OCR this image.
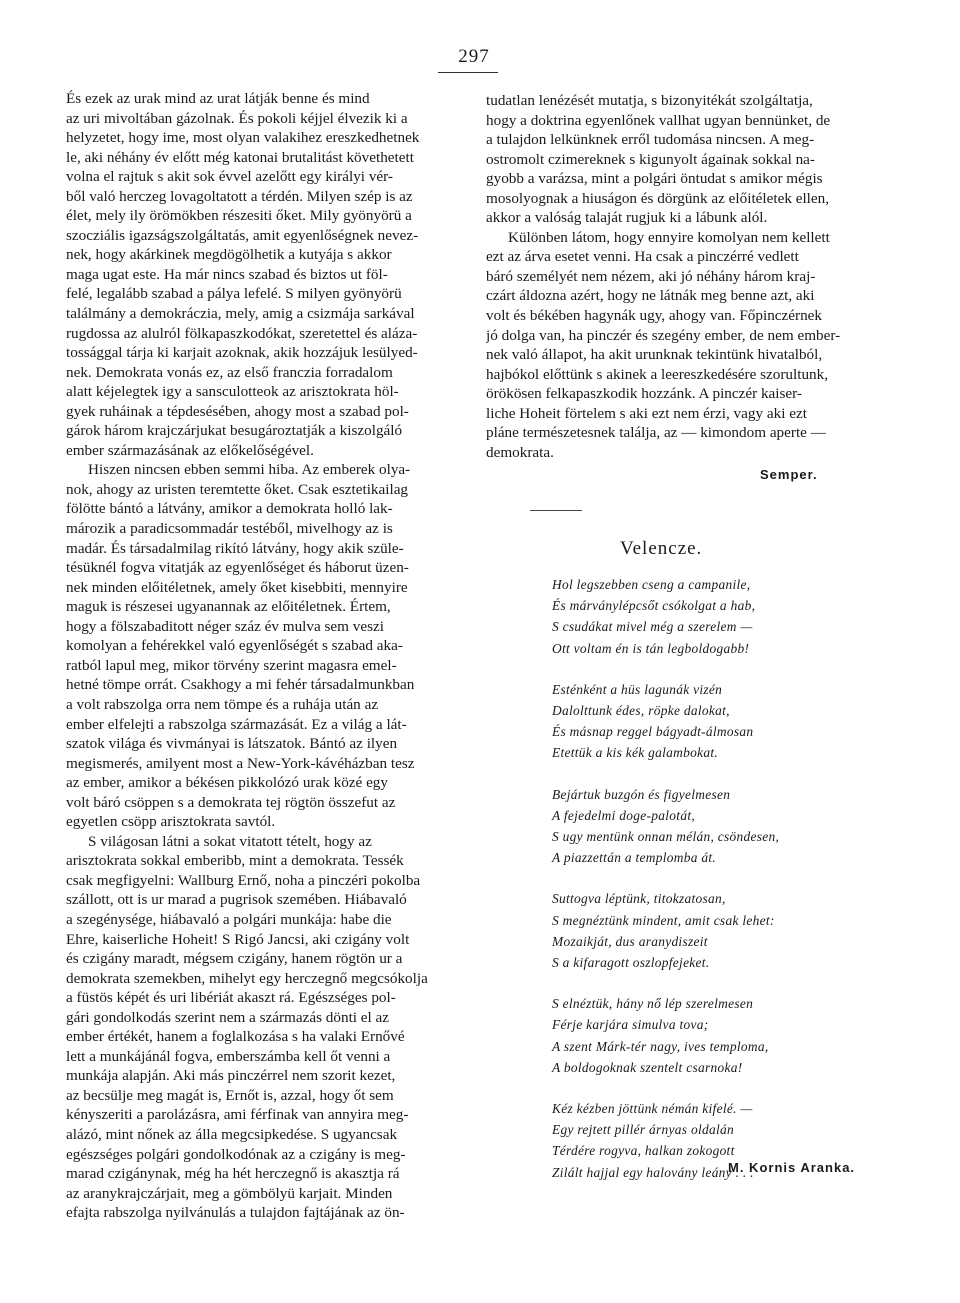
297
És ezek az urak mind az urat látják benne és mind
az uri mivoltában gázolnak. És pokoli kéjjel élvezik ki a
helyzetet, hogy ime, most olyan valakihez ereszkedhetnek
le, aki néhány év előtt még katonai brutalitást követhetett
volna el rajtuk s akit sok évvel azelőtt egy királyi vér-
ből való herczeg lovagoltatott a térdén. Milyen szép is az
élet, mely ily örömökben részesiti őket. Mily gyönyörü a
szocziális igazságszolgáltatás, amit egyenlőségnek nevez-
nek, hogy akárkinek megdögölhetik a kutyája s akkor
maga ugat este. Ha már nincs szabad és biztos ut föl-
felé, legalább szabad a pálya lefelé. S milyen gyönyörü
találmány a demokráczia, mely, amig a csizmája sarkával
rugdossa az alulról fölkapaszkodókat, szeretettel és aláza-
tossággal tárja ki karjait azoknak, akik hozzájuk lesülyed-
nek. Demokrata vonás ez, az első franczia forradalom
alatt kéjelegtek igy a sansculotteok az arisztokrata höl-
gyek ruháinak a tépdesésében, ahogy most a szabad pol-
gárok három krajczárjukat besugároztatják a kiszolgáló
ember származásának az előkelőségével.
Hiszen nincsen ebben semmi hiba. Az emberek olya-
nok, ahogy az uristen teremtette őket. Csak esztetikailag
fölötte bántó a látvány, amikor a demokrata holló lak-
mározik a paradicsommadár testéből, mivelhogy az is
madár. És társadalmilag rikító látvány, hogy akik szüle-
tésüknél fogva vitatják az egyenlőséget és háborut üzen-
nek minden előitéletnek, amely őket kisebbiti, mennyire
maguk is részesei ugyanannak az előitéletnek. Értem,
hogy a fölszabaditott néger száz év mulva sem veszi
komolyan a fehérekkel való egyenlőségét s szabad aka-
ratból lapul meg, mikor törvény szerint magasra emel-
hetné tömpe orrát. Csakhogy a mi fehér társadalmunkban
a volt rabszolga orra nem tömpe és a ruhája után az
ember elfelejti a rabszolga származását. Ez a világ a lát-
szatok világa és vivmányai is látszatok. Bántó az ilyen
megismerés, amilyent most a New-York-kávéházban tesz
az ember, amikor a békésen pikkolózó urak közé egy
volt báró csöppen s a demokrata tej rögtön összefut az
egyetlen csöpp arisztokrata savtól.
S világosan látni a sokat vitatott tételt, hogy az
arisztokrata sokkal emberibb, mint a demokrata. Tessék
csak megfigyelni: Wallburg Ernő, noha a pinczéri pokolba
szállott, ott is ur marad a pugrisok szemében. Hiábavaló
a szegénysége, hiábavaló a polgári munkája: habe die
Ehre, kaiserliche Hoheit! S Rigó Jancsi, aki czigány volt
és czigány maradt, mégsem czigány, hanem rögtön ur a
demokrata szemekben, mihelyt egy herczegnő megcsókolja
a füstös képét és uri libériát akaszt rá. Egészséges pol-
gári gondolkodás szerint nem a származás dönti el az
ember értékét, hanem a foglalkozása s ha valaki Ernővé
lett a munkájánál fogva, emberszámba kell őt venni a
munkája alapján. Aki más pinczérrel nem szorit kezet,
az becsülje meg magát is, Ernőt is, azzal, hogy őt sem
kényszeriti a parolázásra, ami férfinak van annyira meg-
alázó, mint nőnek az álla megcsipkedése. S ugyancsak
egészséges polgári gondolkodónak az a czigány is meg-
marad czigánynak, még ha hét herczegnő is akasztja rá
az aranykrajczárjait, meg a gömbölyü karjait. Minden
efajta rabszolga nyilvánulás a tulajdon fajtájának az ön-
tudatlan lenézését mutatja, s bizonyitékát szolgáltatja,
hogy a doktrina egyenlőnek vallhat ugyan bennünket, de
a tulajdon lelkünknek erről tudomása nincsen. A meg-
ostromolt czimereknek s kigunyolt ágainak sokkal na-
gyobb a varázsa, mint a polgári öntudat s amikor mégis
mosolyognak a hiuságon és dörgünk az előitéletek ellen,
akkor a valóság talaját rugjuk ki a lábunk alól.
Különben látom, hogy ennyire komolyan nem kellett
ezt az árva esetet venni. Ha csak a pinczérré vedlett
báró személyét nem nézem, aki jó néhány három kraj-
czárt áldozna azért, hogy ne látnák meg benne azt, aki
volt és békében hagynák ugy, ahogy van. Főpinczérnek
jó dolga van, ha pinczér és szegény ember, de nem ember-
nek való állapot, ha akit urunknak tekintünk hivatalból,
hajbókol előttünk s akinek a leereszkedésére szorultunk,
örökösen felkapaszkodik hozzánk. A pinczér kaiser-
liche Hoheit förtelem s aki ezt nem érzi, vagy aki ezt
pláne természetesnek találja, az — kimondom aperte —
demokrata.
Semper.
Velencze.
Hol legszebben cseng a campanile,
És márványlépcsőt csókolgat a hab,
S csudákat mivel még a szerelem —
Ott voltam én is tán legboldogabb!
Esténként a hüs lagunák vizén
Dalolttunk édes, röpke dalokat,
És másnap reggel bágyadt-álmosan
Etettük a kis kék galambokat.
Bejártuk buzgón és figyelmesen
A fejedelmi doge-palotát,
S ugy mentünk onnan mélán, csöndesen,
A piazzettán a templomba át.
Suttogva léptünk, titokzatosan,
S megnéztünk mindent, amit csak lehet:
Mozaikját, dus aranydiszeit
S a kifaragott oszlopfejeket.
S elnéztük, hány nő lép szerelmesen
Férje karjára simulva tova;
A szent Márk-tér nagy, ives temploma,
A boldogoknak szentelt csarnoka!
Kéz kézben jöttünk némán kifelé. —
Egy rejtett pillér árnyas oldalán
Térdére rogyva, halkan zokogott
Zilált hajjal egy halovány leány . . .
M. Kornis Aranka.
